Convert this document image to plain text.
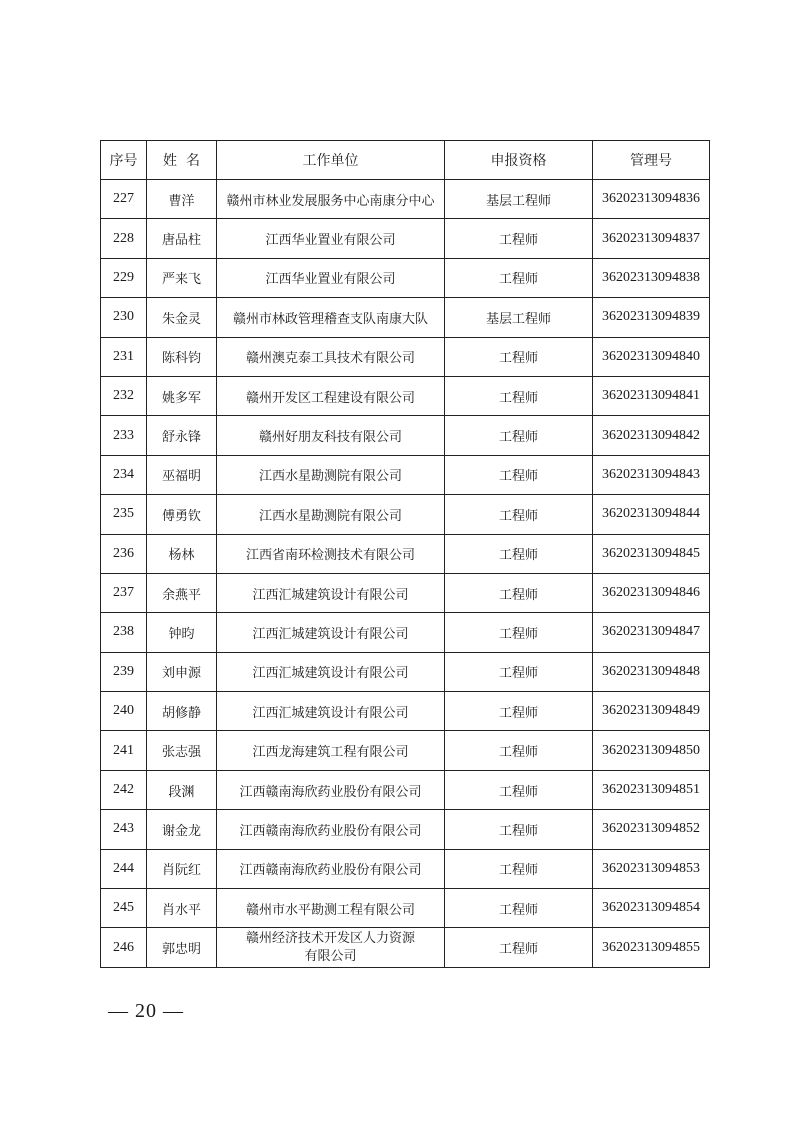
序号	姓  名	工作单位	申报资格	管理号
227	曹洋	赣州市林业发展服务中心南康分中心	基层工程师	36202313094836
228	唐品柱	江西华业置业有限公司	工程师	36202313094837
229	严来飞	江西华业置业有限公司	工程师	36202313094838
230	朱金灵	赣州市林政管理稽查支队南康大队	基层工程师	36202313094839
231	陈科钧	赣州澳克泰工具技术有限公司	工程师	36202313094840
232	姚多军	赣州开发区工程建设有限公司	工程师	36202313094841
233	舒永锋	赣州好朋友科技有限公司	工程师	36202313094842
234	巫福明	江西水星勘测院有限公司	工程师	36202313094843
235	傅勇钦	江西水星勘测院有限公司	工程师	36202313094844
236	杨林	江西省南环检测技术有限公司	工程师	36202313094845
237	余燕平	江西汇城建筑设计有限公司	工程师	36202313094846
238	钟昀	江西汇城建筑设计有限公司	工程师	36202313094847
239	刘申源	江西汇城建筑设计有限公司	工程师	36202313094848
240	胡修静	江西汇城建筑设计有限公司	工程师	36202313094849
241	张志强	江西龙海建筑工程有限公司	工程师	36202313094850
242	段渊	江西赣南海欣药业股份有限公司	工程师	36202313094851
243	谢金龙	江西赣南海欣药业股份有限公司	工程师	36202313094852
244	肖阮红	江西赣南海欣药业股份有限公司	工程师	36202313094853
245	肖水平	赣州市水平勘测工程有限公司	工程师	36202313094854
246	郭忠明	赣州经济技术开发区人力资源有限公司	工程师	36202313094855
— 20 —
